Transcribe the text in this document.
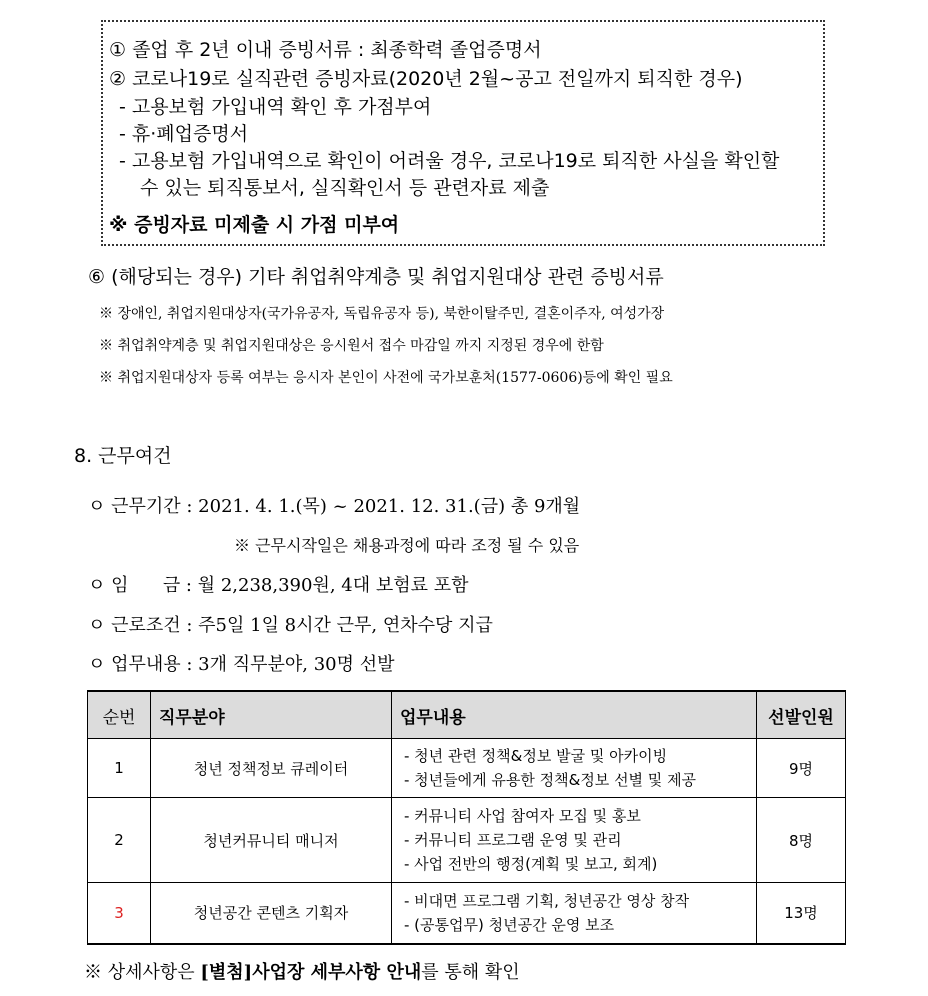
① 졸업 후 2년 이내 증빙서류 : 최종학력 졸업증명서
② 코로나19로 실직관련 증빙자료(2020년 2월~공고 전일까지 퇴직한 경우)
- 고용보험 가입내역 확인 후 가점부여
- 휴·폐업증명서
- 고용보험 가입내역으로 확인이 어려울 경우, 코로나19로 퇴직한 사실을 확인할
수 있는 퇴직통보서, 실직확인서 등 관련자료 제출
※ 증빙자료 미제출 시 가점 미부여
⑥ (해당되는 경우) 기타 취업취약계층 및 취업지원대상 관련 증빙서류
※ 장애인, 취업지원대상자(국가유공자, 독립유공자 등), 북한이탈주민, 결혼이주자, 여성가장
※ 취업취약계층 및 취업지원대상은 응시원서 접수 마감일 까지 지정된 경우에 한함
※ 취업지원대상자 등록 여부는 응시자 본인이 사전에 국가보훈처(1577-0606)등에 확인 필요
8. 근무여건
ㅇ 근무기간 : 2021. 4. 1.(목) ~ 2021. 12. 31.(금) 총 9개월
※ 근무시작일은 채용과정에 따라 조정 될 수 있음
ㅇ 임      금 : 월 2,238,390원, 4대 보험료 포함
ㅇ 근로조건 : 주5일 1일 8시간 근무, 연차수당 지급
ㅇ 업무내용 : 3개 직무분야, 30명 선발
순번	직무분야	업무내용	선발인원
1	청년 정책정보 큐레이터	- 청년 관련 정책&정보 발굴 및 아카이빙
- 청년들에게 유용한 정책&정보 선별 및 제공	9명
2	청년커뮤니티 매니저	- 커뮤니티 사업 참여자 모집 및 홍보
- 커뮤니티 프로그램 운영 및 관리
- 사업 전반의 행정(계획 및 보고, 회계)	8명
3	청년공간 콘텐츠 기획자	- 비대면 프로그램 기획, 청년공간 영상 창작
- (공통업무) 청년공간 운영 보조	13명
※ 상세사항은 [별첨]사업장 세부사항 안내를 통해 확인
